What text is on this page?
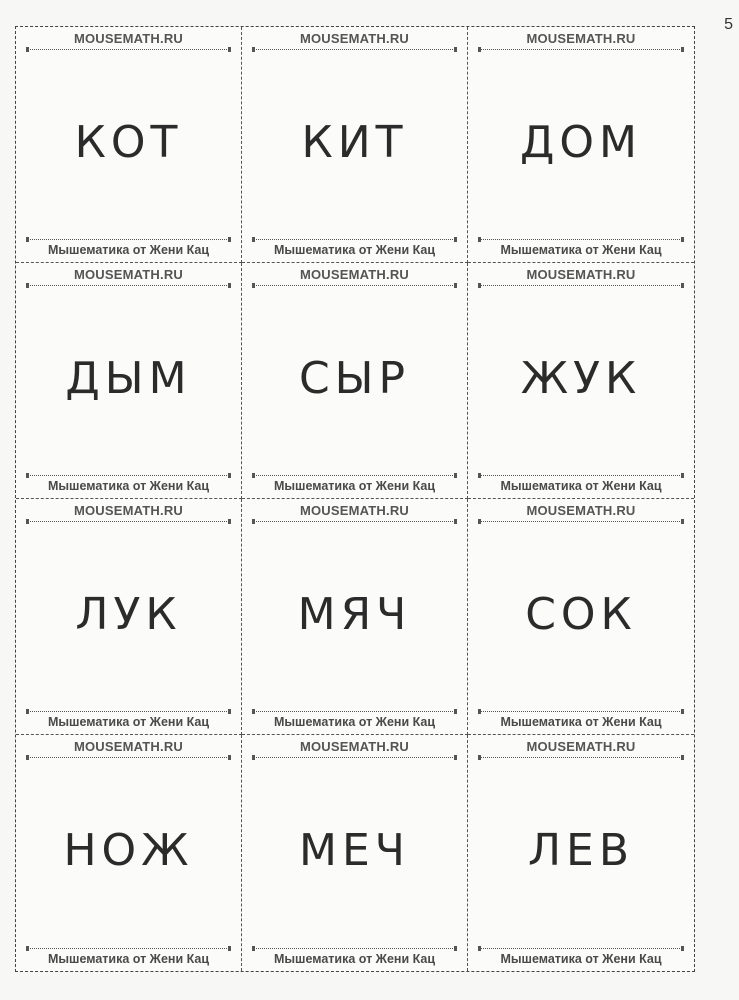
5
MOUSEMATH.RU
КОТ
Мышематика от Жени Кац
MOUSEMATH.RU
КИТ
Мышематика от Жени Кац
MOUSEMATH.RU
ДОМ
Мышематика от Жени Кац
MOUSEMATH.RU
ДЫМ
Мышематика от Жени Кац
MOUSEMATH.RU
СЫР
Мышематика от Жени Кац
MOUSEMATH.RU
ЖУК
Мышематика от Жени Кац
MOUSEMATH.RU
ЛУК
Мышематика от Жени Кац
MOUSEMATH.RU
МЯЧ
Мышематика от Жени Кац
MOUSEMATH.RU
СОК
Мышематика от Жени Кац
MOUSEMATH.RU
НОЖ
Мышематика от Жени Кац
MOUSEMATH.RU
МЕЧ
Мышематика от Жени Кац
MOUSEMATH.RU
ЛЕВ
Мышематика от Жени Кац
